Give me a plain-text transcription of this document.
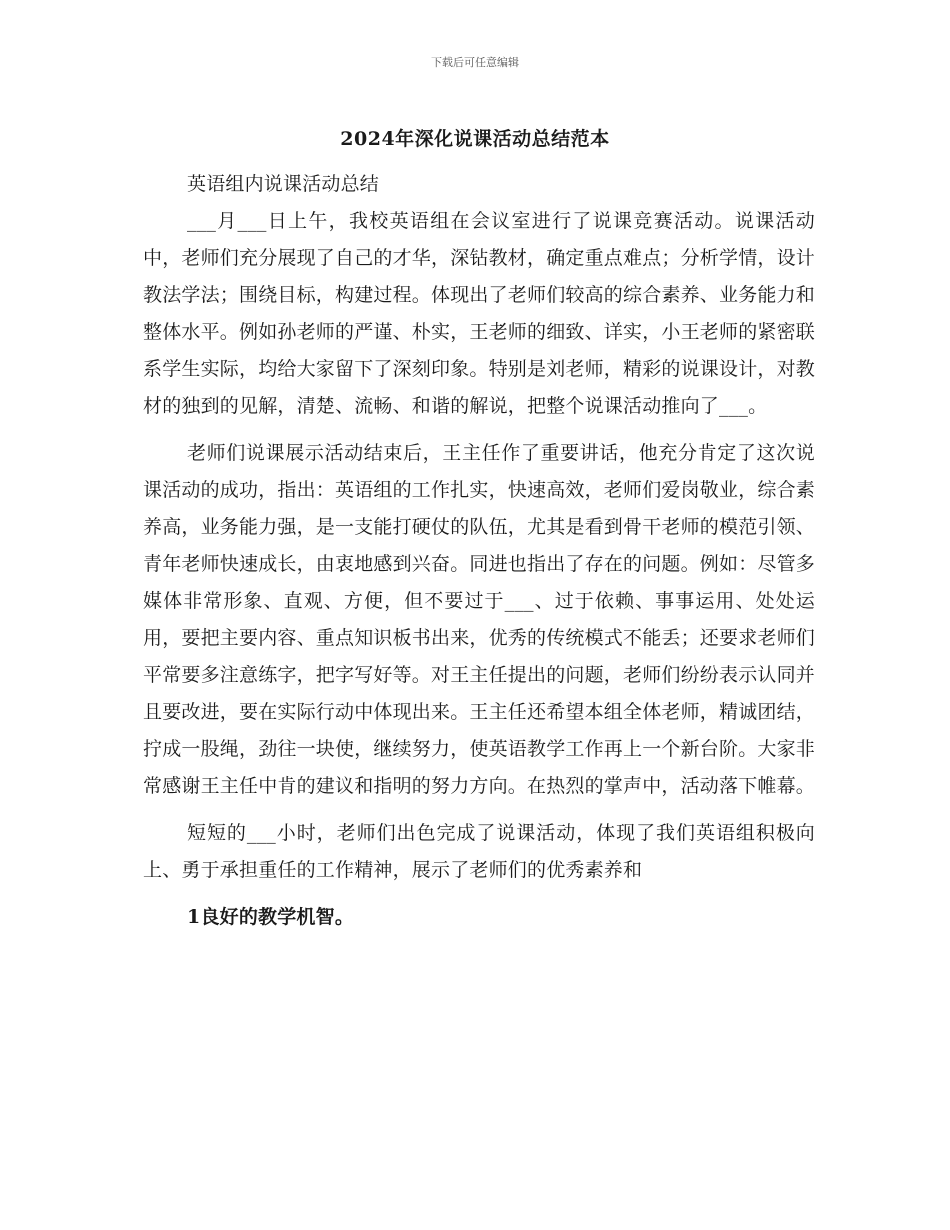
下载后可任意编辑
2024年深化说课活动总结范本

英语组内说课活动总结

___月___日上午，我校英语组在会议室进行了说课竞赛活动。说课活动中，老师们充分展现了自己的才华，深钻教材，确定重点难点；分析学情，设计教法学法；围绕目标，构建过程。体现出了老师们较高的综合素养、业务能力和整体水平。例如孙老师的严谨、朴实，王老师的细致、详实，小王老师的紧密联系学生实际，均给大家留下了深刻印象。特别是刘老师，精彩的说课设计，对教材的独到的见解，清楚、流畅、和谐的解说，把整个说课活动推向了___。

老师们说课展示活动结束后，王主任作了重要讲话，他充分肯定了这次说课活动的成功，指出：英语组的工作扎实，快速高效，老师们爱岗敬业，综合素养高，业务能力强，是一支能打硬仗的队伍，尤其是看到骨干老师的模范引领、青年老师快速成长，由衷地感到兴奋。同进也指出了存在的问题。例如：尽管多媒体非常形象、直观、方便，但不要过于___、过于依赖、事事运用、处处运用，要把主要内容、重点知识板书出来，优秀的传统模式不能丢；还要求老师们平常要多注意练字，把字写好等。对王主任提出的问题，老师们纷纷表示认同并且要改进，要在实际行动中体现出来。王主任还希望本组全体老师，精诚团结，拧成一股绳，劲往一块使，继续努力，使英语教学工作再上一个新台阶。大家非常感谢王主任中肯的建议和指明的努力方向。在热烈的掌声中，活动落下帷幕。

短短的___小时，老师们出色完成了说课活动，体现了我们英语组积极向上、勇于承担重任的工作精神，展示了老师们的优秀素养和

1良好的教学机智。
